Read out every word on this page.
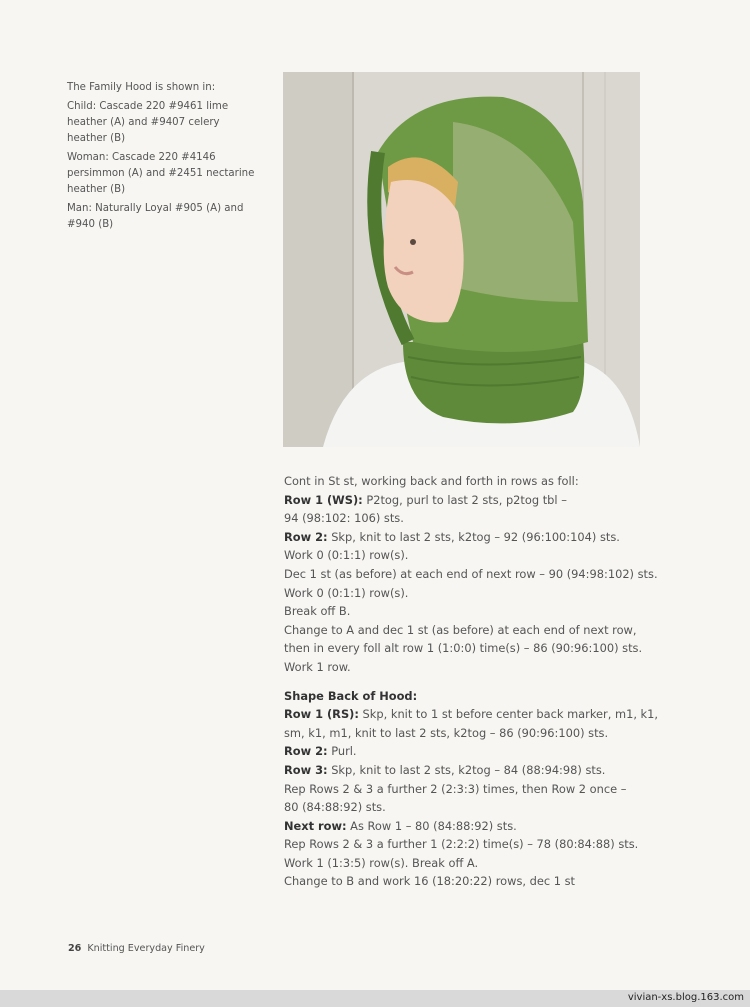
The Family Hood is shown in:

Child: Cascade 220 #9461 lime heather (A) and #9407 celery heather (B)

Woman: Cascade 220 #4146 persimmon (A) and #2451 nectarine heather (B)

Man: Naturally Loyal #905 (A) and #940 (B)

Cont in St st, working back and forth in rows as foll:
Row 1 (WS): P2tog, purl to last 2 sts, p2tog tbl –
94 (98:102: 106) sts.
Row 2: Skp, knit to last 2 sts, k2tog – 92 (96:100:104) sts.
Work 0 (0:1:1) row(s).
Dec 1 st (as before) at each end of next row – 90 (94:98:102) sts.
Work 0 (0:1:1) row(s).
Break off B.
Change to A and dec 1 st (as before) at each end of next row,
then in every foll alt row 1 (1:0:0) time(s) – 86 (90:96:100) sts.
Work 1 row.
Shape Back of Hood:
Row 1 (RS): Skp, knit to 1 st before center back marker, m1, k1,
sm, k1, m1, knit to last 2 sts, k2tog – 86 (90:96:100) sts.
Row 2: Purl.
Row 3: Skp, knit to last 2 sts, k2tog – 84 (88:94:98) sts.
Rep Rows 2 & 3 a further 2 (2:3:3) times, then Row 2 once –
80 (84:88:92) sts.
Next row: As Row 1 – 80 (84:88:92) sts.
Rep Rows 2 & 3 a further 1 (2:2:2) time(s) – 78 (80:84:88) sts.
Work 1 (1:3:5) row(s). Break off A.
Change to B and work 16 (18:20:22) rows, dec 1 st
26 Knitting Everyday Finery
vivian-xs.blog.163.com
